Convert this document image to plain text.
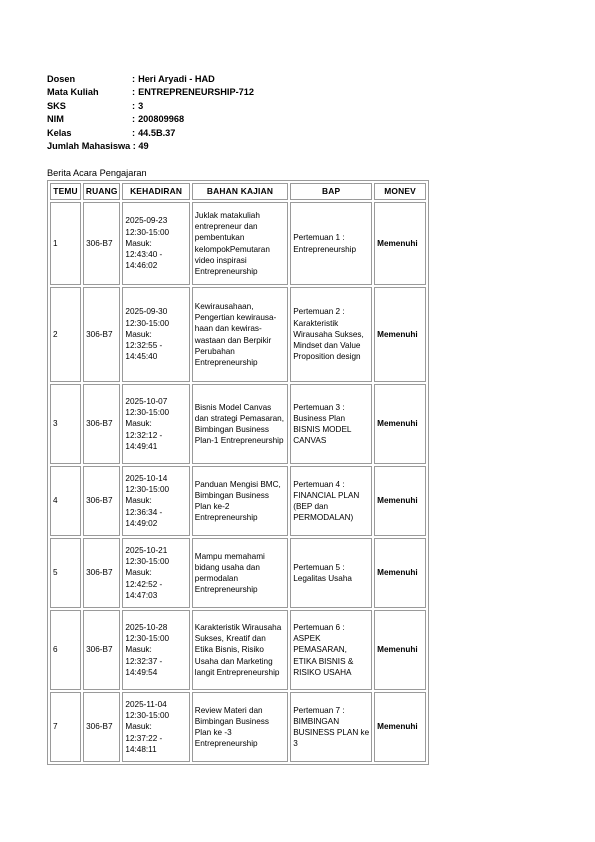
Dosen	: Heri Aryadi - HAD
Mata Kuliah	: ENTREPRENEURSHIP-712
SKS	: 3
NIM	: 200809968
Kelas	: 44.5B.37
Jumlah Mahasiswa :
49
Berita Acara Pengajaran
TEMU	RUANG	KEHADIRAN	BAHAN KAJIAN	BAP	MONEV
1	306-B7	2025-09-23
12:30-15:00
Masuk:
12:43:40 - 14:46:02	Juklak matakuliah entrepreneur dan pembentukan kelompokPemutaran video inspirasi Entrepreneurship	Pertemuan 1 : Entrepreneurship	Memenuhi
2	306-B7	2025-09-30
12:30-15:00
Masuk:
12:32:55 - 14:45:40	Kewirausahaan, Pengertian kewirausa-haan dan kewiras-wastaan dan Berpikir Perubahan Entrepreneurship	Pertemuan 2 : Karakteristik Wirausaha Sukses, Mindset dan Value Proposition design	Memenuhi
3	306-B7	2025-10-07
12:30-15:00
Masuk:
12:32:12 - 14:49:41	Bisnis Model Canvas dan strategi Pemasaran, Bimbingan Business Plan-1 Entrepreneurship	Pertemuan 3 : Business Plan BISNIS MODEL CANVAS	Memenuhi
4	306-B7	2025-10-14
12:30-15:00
Masuk:
12:36:34 - 14:49:02	Panduan Mengisi BMC, Bimbingan Business Plan ke-2 Entrepreneurship	Pertemuan 4 : FINANCIAL PLAN (BEP dan PERMODALAN)	Memenuhi
5	306-B7	2025-10-21
12:30-15:00
Masuk:
12:42:52 - 14:47:03	Mampu memahami bidang usaha dan permodalan Entrepreneurship	Pertemuan 5 : Legalitas Usaha	Memenuhi
6	306-B7	2025-10-28
12:30-15:00
Masuk:
12:32:37 - 14:49:54	Karakteristik Wirausaha Sukses, Kreatif dan Etika Bisnis, Risiko Usaha dan Marketing langit Entrepreneurship	Pertemuan 6 : ASPEK PEMASARAN, ETIKA BISNIS & RISIKO USAHA	Memenuhi
7	306-B7	2025-11-04
12:30-15:00
Masuk:
12:37:22 - 14:48:11	Review Materi dan Bimbingan Business Plan ke -3 Entrepreneurship	Pertemuan 7 : BIMBINGAN BUSINESS PLAN ke 3	Memenuhi
